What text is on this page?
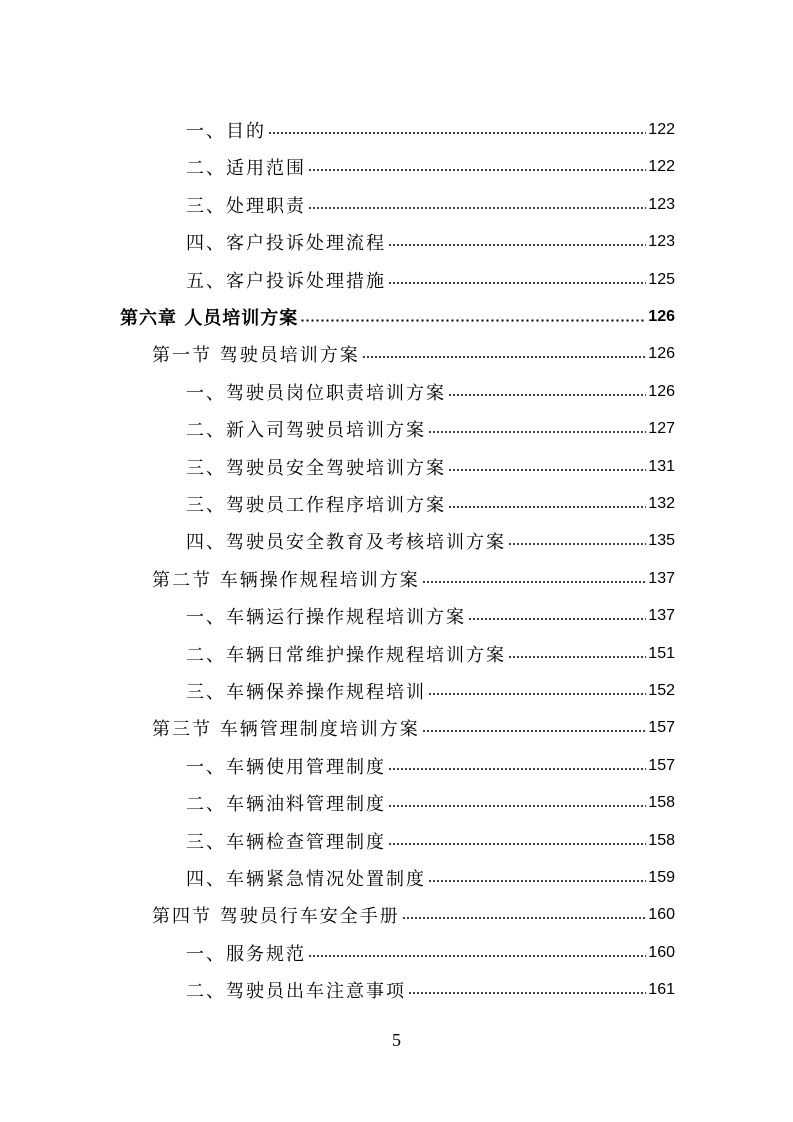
一、目的	122
二、适用范围	122
三、处理职责	123
四、客户投诉处理流程	123
五、客户投诉处理措施	125
第六章 人员培训方案	126
第一节 驾驶员培训方案	126
一、驾驶员岗位职责培训方案	126
二、新入司驾驶员培训方案	127
三、驾驶员安全驾驶培训方案	131
三、驾驶员工作程序培训方案	132
四、驾驶员安全教育及考核培训方案	135
第二节 车辆操作规程培训方案	137
一、车辆运行操作规程培训方案	137
二、车辆日常维护操作规程培训方案	151
三、车辆保养操作规程培训	152
第三节 车辆管理制度培训方案	157
一、车辆使用管理制度	157
二、车辆油料管理制度	158
三、车辆检查管理制度	158
四、车辆紧急情况处置制度	159
第四节 驾驶员行车安全手册	160
一、服务规范	160
二、驾驶员出车注意事项	161
5
